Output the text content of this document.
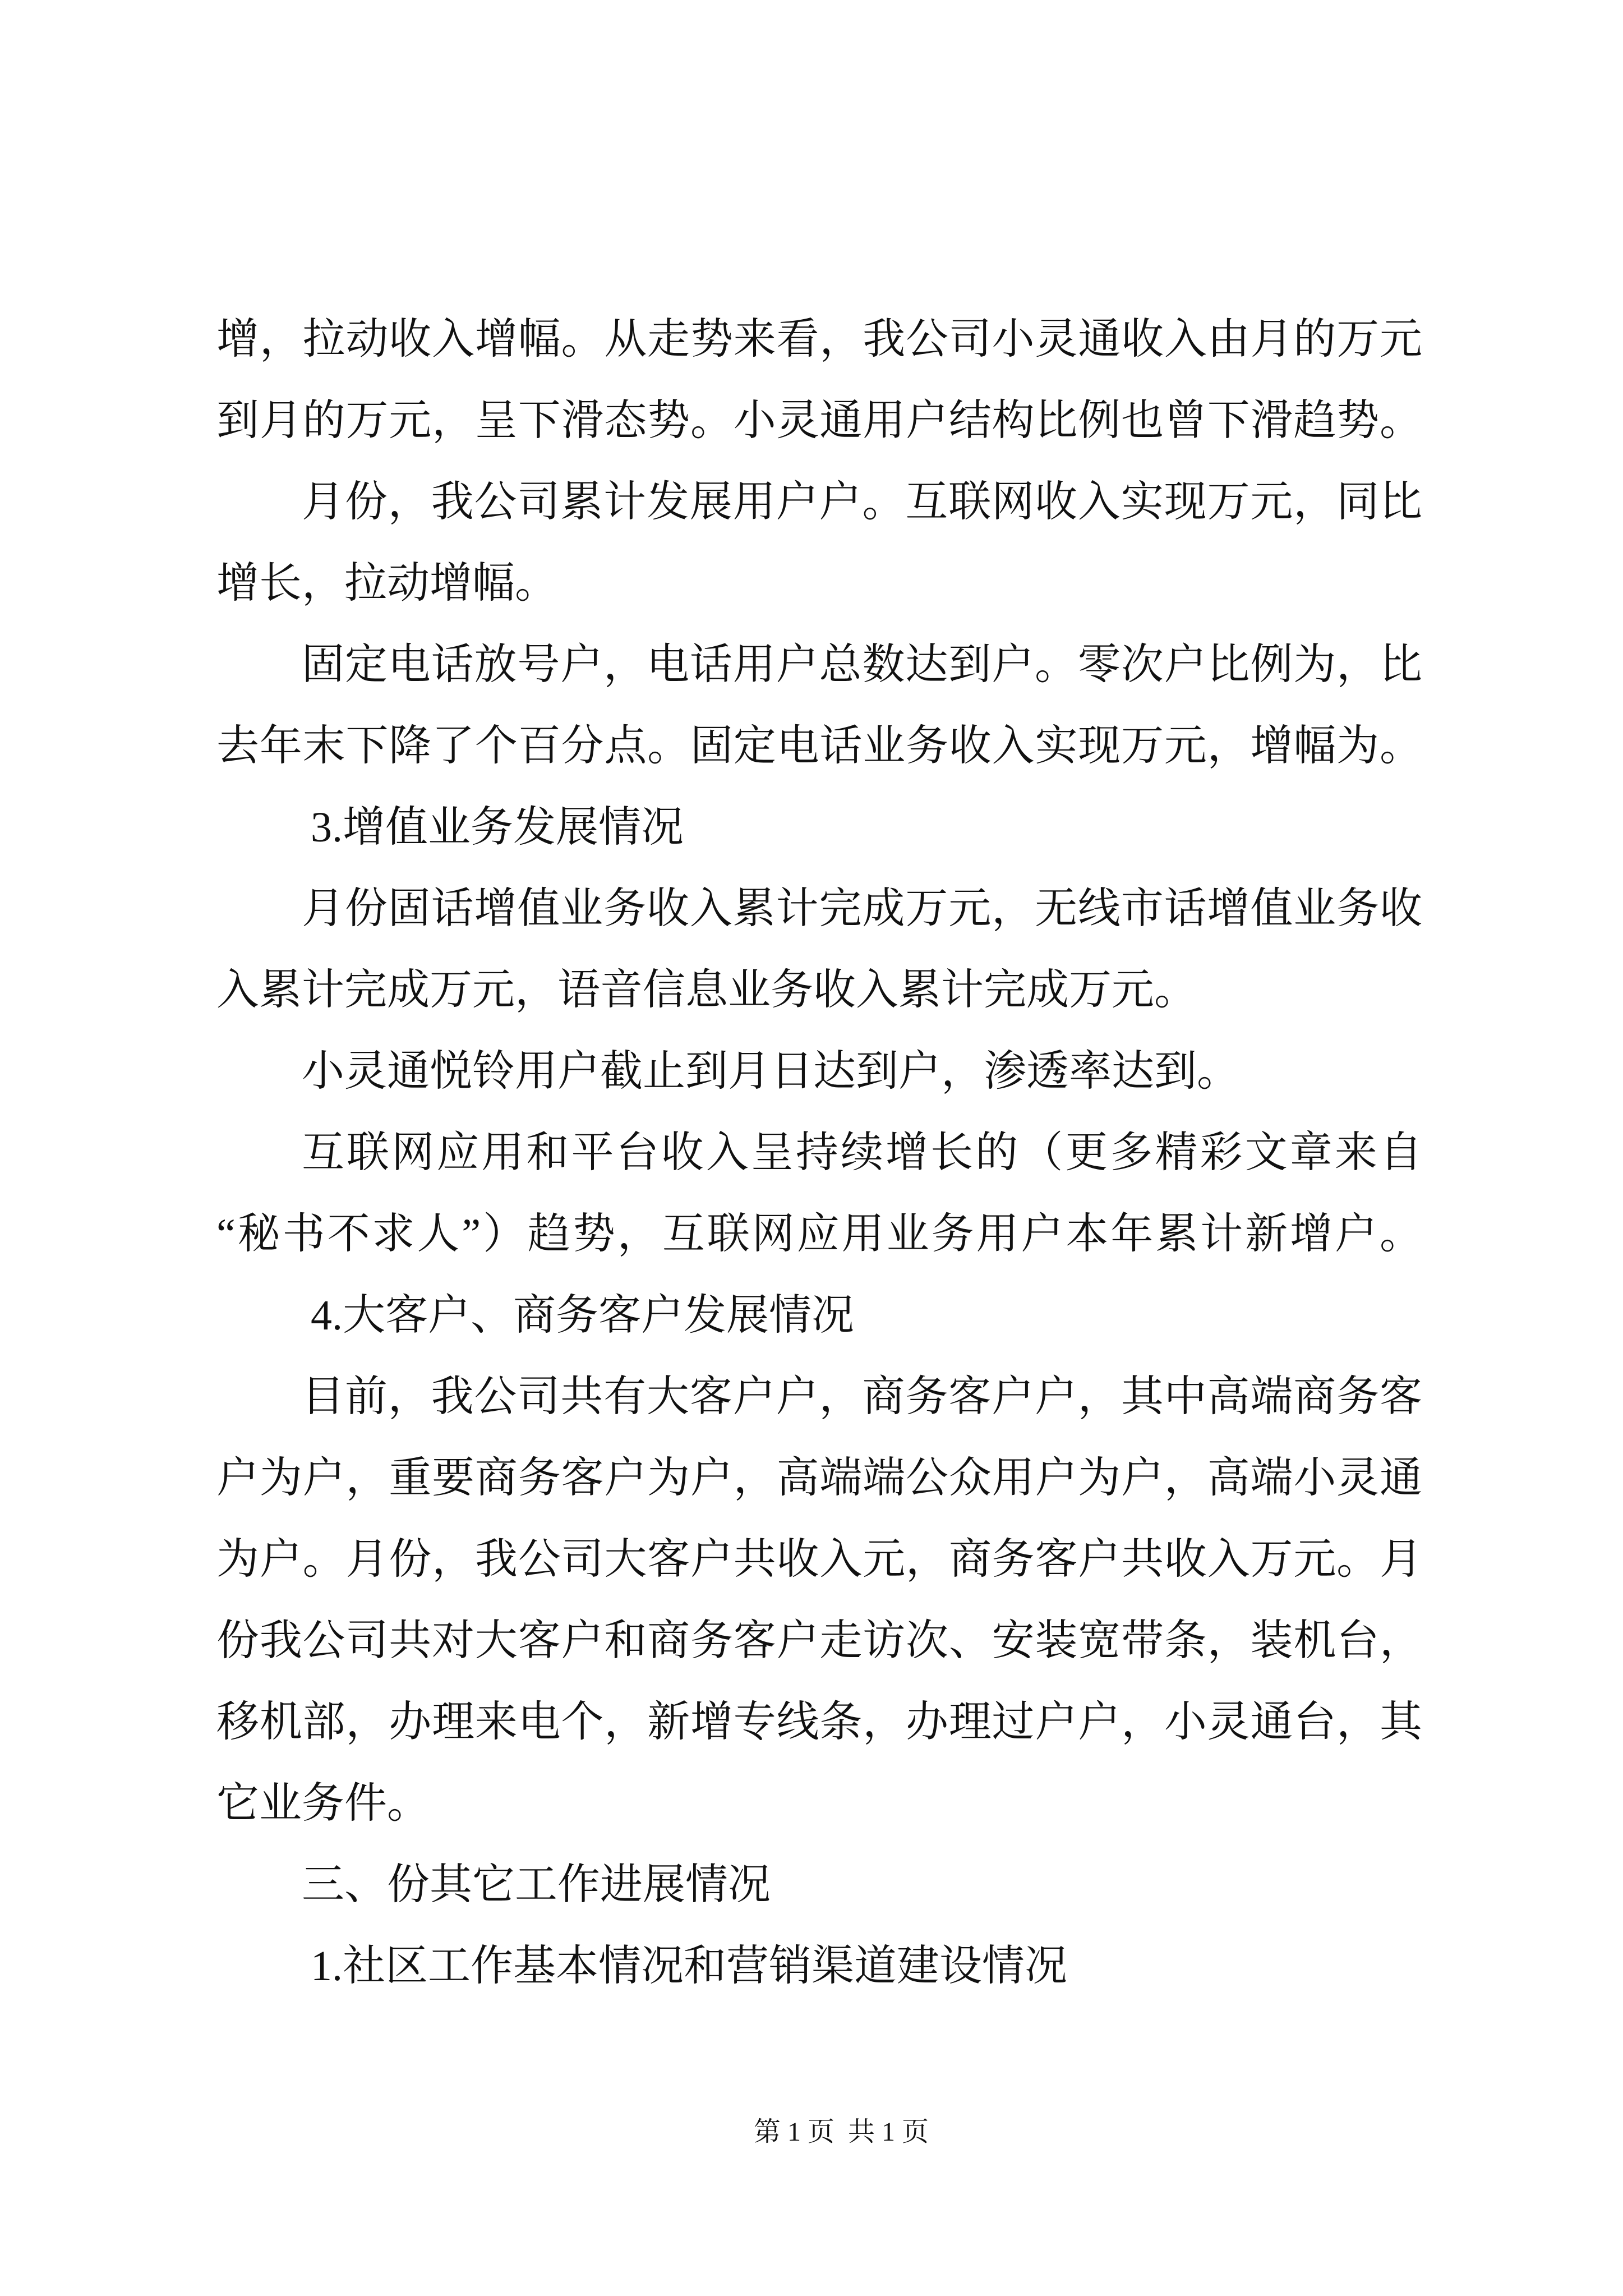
增，拉动收入增幅。从走势来看，我公司小灵通收入由月的万元
到月的万元，呈下滑态势。小灵通用户结构比例也曾下滑趋势。
月份，我公司累计发展用户户。互联网收入实现万元，同比
增长，拉动增幅。
固定电话放号户，电话用户总数达到户。零次户比例为，比
去年末下降了个百分点。固定电话业务收入实现万元，增幅为。
3.增值业务发展情况
月份固话增值业务收入累计完成万元，无线市话增值业务收
入累计完成万元，语音信息业务收入累计完成万元。
小灵通悦铃用户截止到月日达到户，渗透率达到。
互联网应用和平台收入呈持续增长的（更多精彩文章来自
“秘书不求人”）趋势，互联网应用业务用户本年累计新增户。
4.大客户、商务客户发展情况
目前，我公司共有大客户户，商务客户户，其中高端商务客
户为户，重要商务客户为户，高端端公众用户为户，高端小灵通
为户。月份，我公司大客户共收入元，商务客户共收入万元。月
份我公司共对大客户和商务客户走访次、安装宽带条，装机台，
移机部，办理来电个，新增专线条，办理过户户，小灵通台，其
它业务件。
三、份其它工作进展情况
1.社区工作基本情况和营销渠道建设情况
第 1 页  共 1 页
